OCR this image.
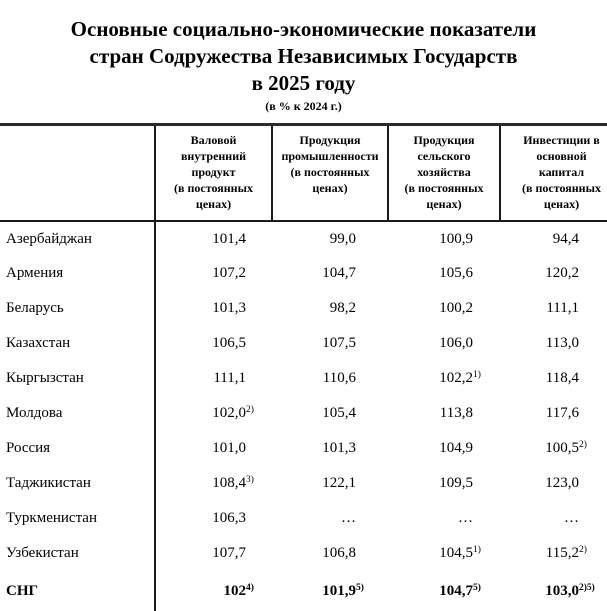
Основные социально-экономические показатели
стран Содружества Независимых Государств
в 2025 году
(в % к 2024 г.)

Валовой
внутренний
продукт
(в постоянных
ценах)

Продукция
промышленности
(в постоянных
ценах)

Продукция
сельского
хозяйства
(в постоянных
ценах)

Инвестиции в
основной
капитал
(в постоянных
ценах)

Азербайджан	101,4	99,0	100,9	94,4
Армения	107,2	104,7	105,6	120,2
Беларусь	101,3	98,2	100,2	111,1
Казахстан	106,5	107,5	106,0	113,0
Кыргызстан	111,1	110,6	102,2$^{1)}$	118,4
Молдова	102,0$^{2)}$	105,4	113,8	117,6
Россия	101,0	101,3	104,9	100,5$^{2)}$
Таджикистан	108,4$^{3)}$	122,1	109,5	123,0
Туркменистан	106,3	…	…	…
Узбекистан	107,7	106,8	104,5$^{1)}$	115,2$^{2)}$
СНГ	102$^{4)}$	101,9$^{5)}$	104,7$^{5)}$	$103,0^{2)5)}$
